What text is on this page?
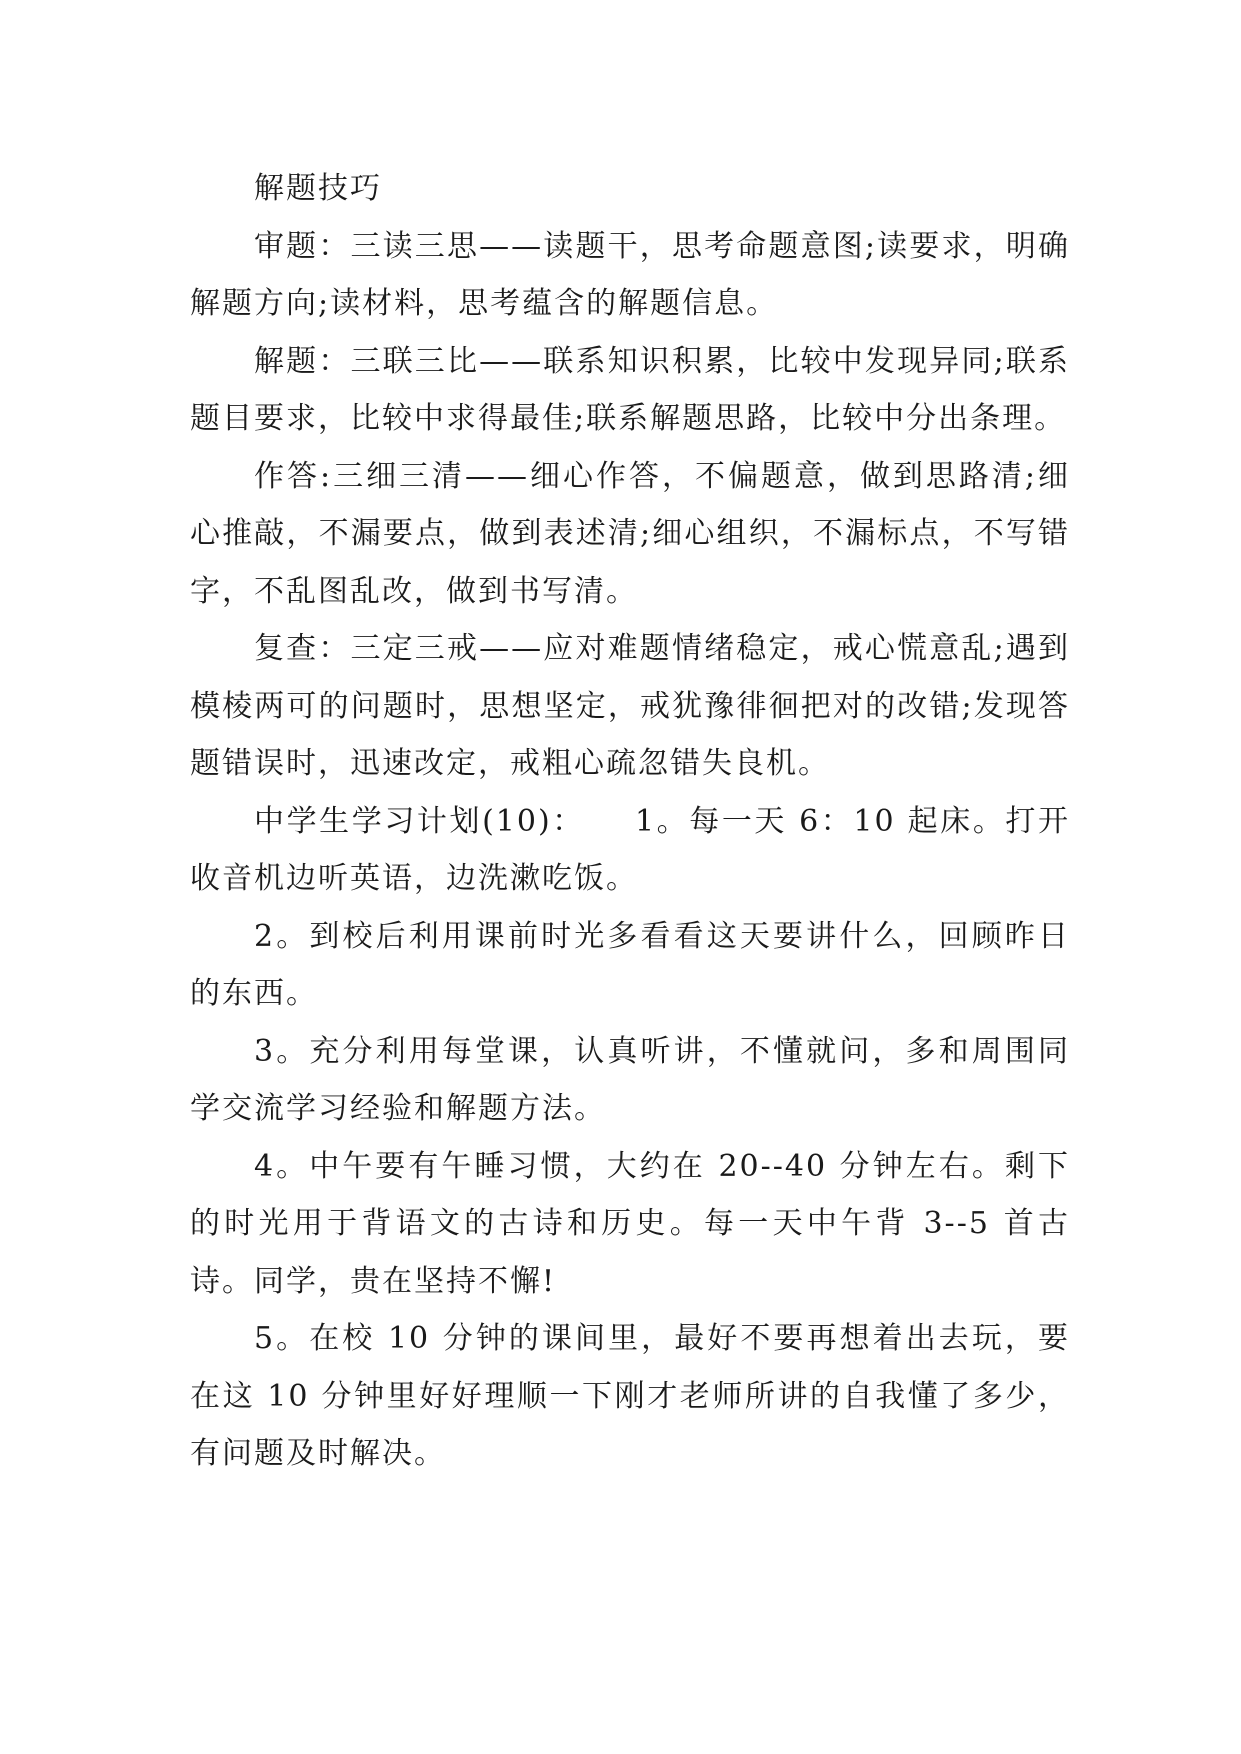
解题技巧

审题：三读三思——读题干，思考命题意图;读要求，明确解题方向;读材料，思考蕴含的解题信息。

解题：三联三比——联系知识积累，比较中发现异同;联系题目要求，比较中求得最佳;联系解题思路，比较中分出条理。

作答:三细三清——细心作答，不偏题意，做到思路清;细心推敲，不漏要点，做到表述清;细心组织，不漏标点，不写错字，不乱图乱改，做到书写清。

复查：三定三戒——应对难题情绪稳定，戒心慌意乱;遇到模棱两可的问题时，思想坚定，戒犹豫徘徊把对的改错;发现答题错误时，迅速改定，戒粗心疏忽错失良机。

中学生学习计划(10)：　　1。每一天 6：10 起床。打开收音机边听英语，边洗漱吃饭。

2。到校后利用课前时光多看看这天要讲什么，回顾昨日的东西。

3。充分利用每堂课，认真听讲，不懂就问，多和周围同学交流学习经验和解题方法。

4。中午要有午睡习惯，大约在 20--40 分钟左右。剩下的时光用于背语文的古诗和历史。每一天中午背 3--5 首古诗。同学，贵在坚持不懈!

5。在校 10 分钟的课间里，最好不要再想着出去玩，要在这 10 分钟里好好理顺一下刚才老师所讲的自我懂了多少，有问题及时解决。
